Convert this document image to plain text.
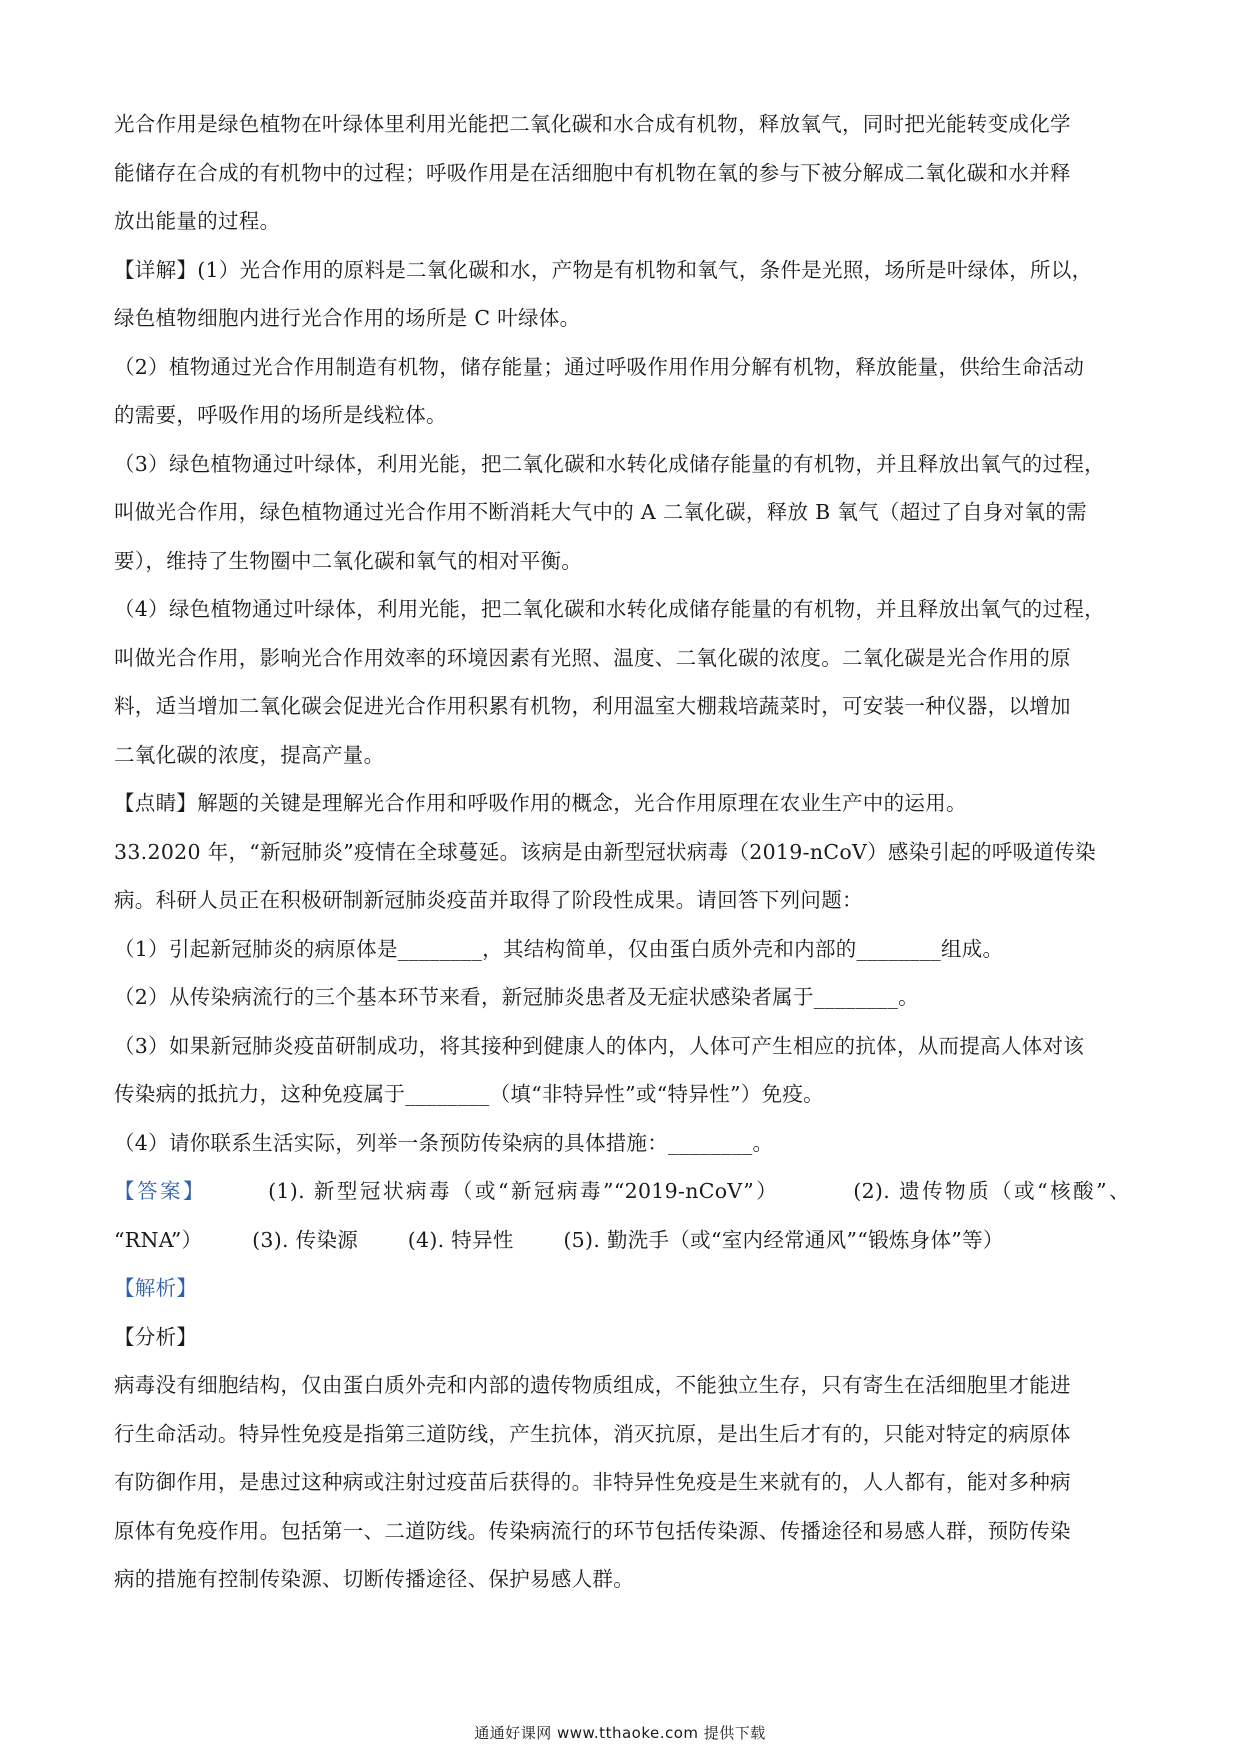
光合作用是绿色植物在叶绿体里利用光能把二氧化碳和水合成有机物，释放氧气，同时把光能转变成化学

能储存在合成的有机物中的过程；呼吸作用是在活细胞中有机物在氧的参与下被分解成二氧化碳和水并释

放出能量的过程。

【详解】(1）光合作用的原料是二氧化碳和水，产物是有机物和氧气，条件是光照，场所是叶绿体，所以，

绿色植物细胞内进行光合作用的场所是 C 叶绿体。

（2）植物通过光合作用制造有机物，储存能量；通过呼吸作用作用分解有机物，释放能量，供给生命活动

的需要，呼吸作用的场所是线粒体。

（3）绿色植物通过叶绿体，利用光能，把二氧化碳和水转化成储存能量的有机物，并且释放出氧气的过程，

叫做光合作用，绿色植物通过光合作用不断消耗大气中的 A 二氧化碳，释放 B 氧气（超过了自身对氧的需

要），维持了生物圈中二氧化碳和氧气的相对平衡。

（4）绿色植物通过叶绿体，利用光能，把二氧化碳和水转化成储存能量的有机物，并且释放出氧气的过程，

叫做光合作用，影响光合作用效率的环境因素有光照、温度、二氧化碳的浓度。二氧化碳是光合作用的原

料，适当增加二氧化碳会促进光合作用积累有机物，利用温室大棚栽培蔬菜时，可安装一种仪器，以增加

二氧化碳的浓度，提高产量。

【点睛】解题的关键是理解光合作用和呼吸作用的概念，光合作用原理在农业生产中的运用。

33.2020 年，“新冠肺炎”疫情在全球蔓延。该病是由新型冠状病毒（2019-nCoV）感染引起的呼吸道传染

病。科研人员正在积极研制新冠肺炎疫苗并取得了阶段性成果。请回答下列问题：

（1）引起新冠肺炎的病原体是________，其结构简单，仅由蛋白质外壳和内部的________组成。

（2）从传染病流行的三个基本环节来看，新冠肺炎患者及无症状感染者属于________。

（3）如果新冠肺炎疫苗研制成功，将其接种到健康人的体内，人体可产生相应的抗体，从而提高人体对该

传染病的抵抗力，这种免疫属于________（填“非特异性”或“特异性”）免疫。

（4）请你联系生活实际，列举一条预防传染病的具体措施：________。

【答案】	(1). 新型冠状病毒（或“新冠病毒”“2019-nCoV”）	(2). 遗传物质（或“核酸”、

“RNA”） (3). 传染源 (4). 特异性 (5). 勤洗手（或“室内经常通风”“锻炼身体”等）

【解析】

【分析】

病毒没有细胞结构，仅由蛋白质外壳和内部的遗传物质组成，不能独立生存，只有寄生在活细胞里才能进

行生命活动。特异性免疫是指第三道防线，产生抗体，消灭抗原，是出生后才有的，只能对特定的病原体

有防御作用，是患过这种病或注射过疫苗后获得的。非特异性免疫是生来就有的，人人都有，能对多种病

原体有免疫作用。包括第一、二道防线。传染病流行的环节包括传染源、传播途径和易感人群，预防传染

病的措施有控制传染源、切断传播途径、保护易感人群。

通通好课网 www.tthaoke.com 提供下载
